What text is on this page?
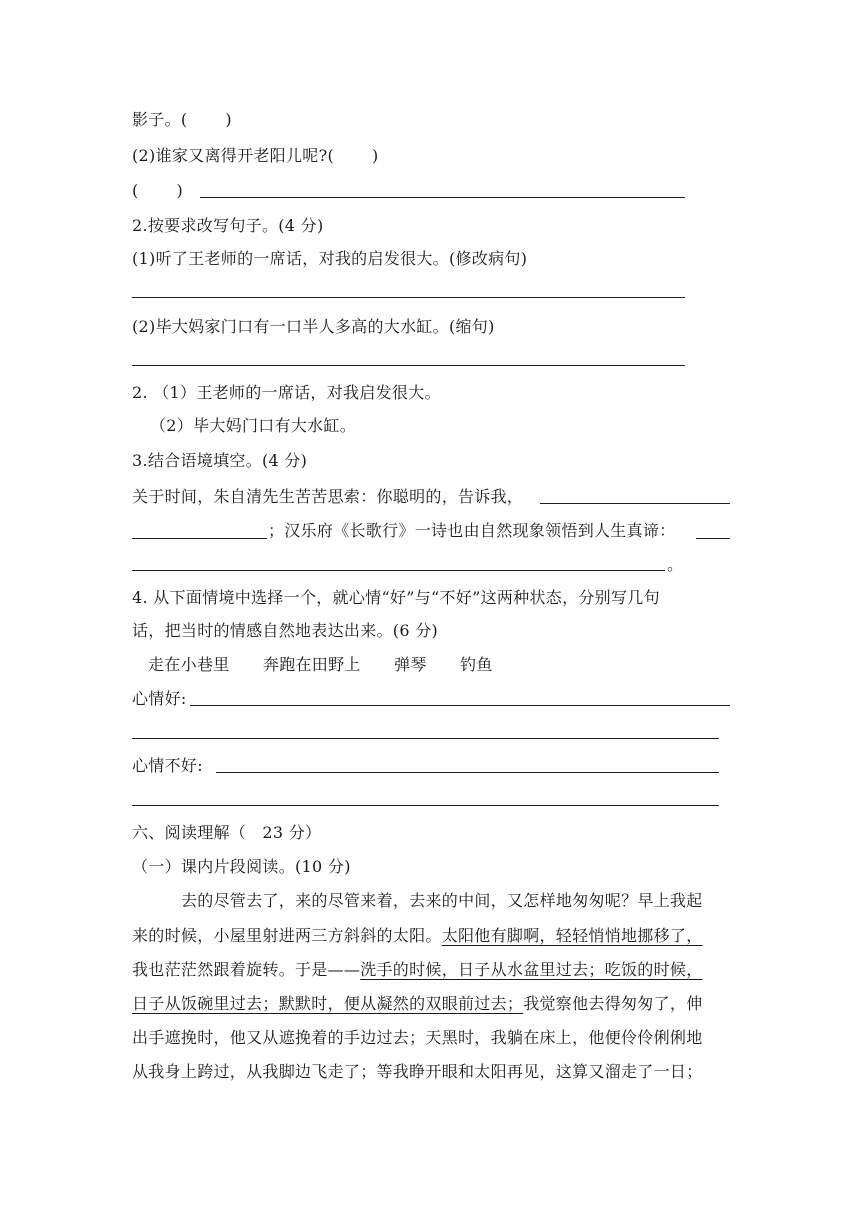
影子。(　　 )
(2)谁家又离得开老阳儿呢?(　　 )
(　　 )
2.按要求改写句子。(4 分)
(1)听了王老师的一席话，对我的启发很大。(修改病句)
(2)毕大妈家门口有一口半人多高的大水缸。(缩句)
2. （1）王老师的一席话，对我启发很大。
（2）毕大妈门口有大水缸。
3.结合语境填空。(4 分)
关于时间，朱自清先生苦苦思索：你聪明的，告诉我，
；汉乐府《长歌行》一诗也由自然现象领悟到人生真谛：
。
4. 从下面情境中选择一个，就心情“好”与“不好”这两种状态，分别写几句
话，把当时的情感自然地表达出来。(6 分)
走在小巷里 奔跑在田野上 弹琴 钓鱼
心情好:
心情不好:
六、阅读理解（　23 分）
（一）课内片段阅读。(10 分)
去的尽管去了，来的尽管来着，去来的中间，又怎样地匆匆呢？早上我起
来的时候，小屋里射进两三方斜斜的太阳。太阳他有脚啊，轻轻悄悄地挪移了，
我也茫茫然跟着旋转。于是——洗手的时候，日子从水盆里过去；吃饭的时候，
日子从饭碗里过去；默默时，便从凝然的双眼前过去；我觉察他去得匆匆了，伸
出手遮挽时，他又从遮挽着的手边过去；天黑时，我躺在床上，他便伶伶俐俐地
从我身上跨过，从我脚边飞走了；等我睁开眼和太阳再见，这算又溜走了一日；
